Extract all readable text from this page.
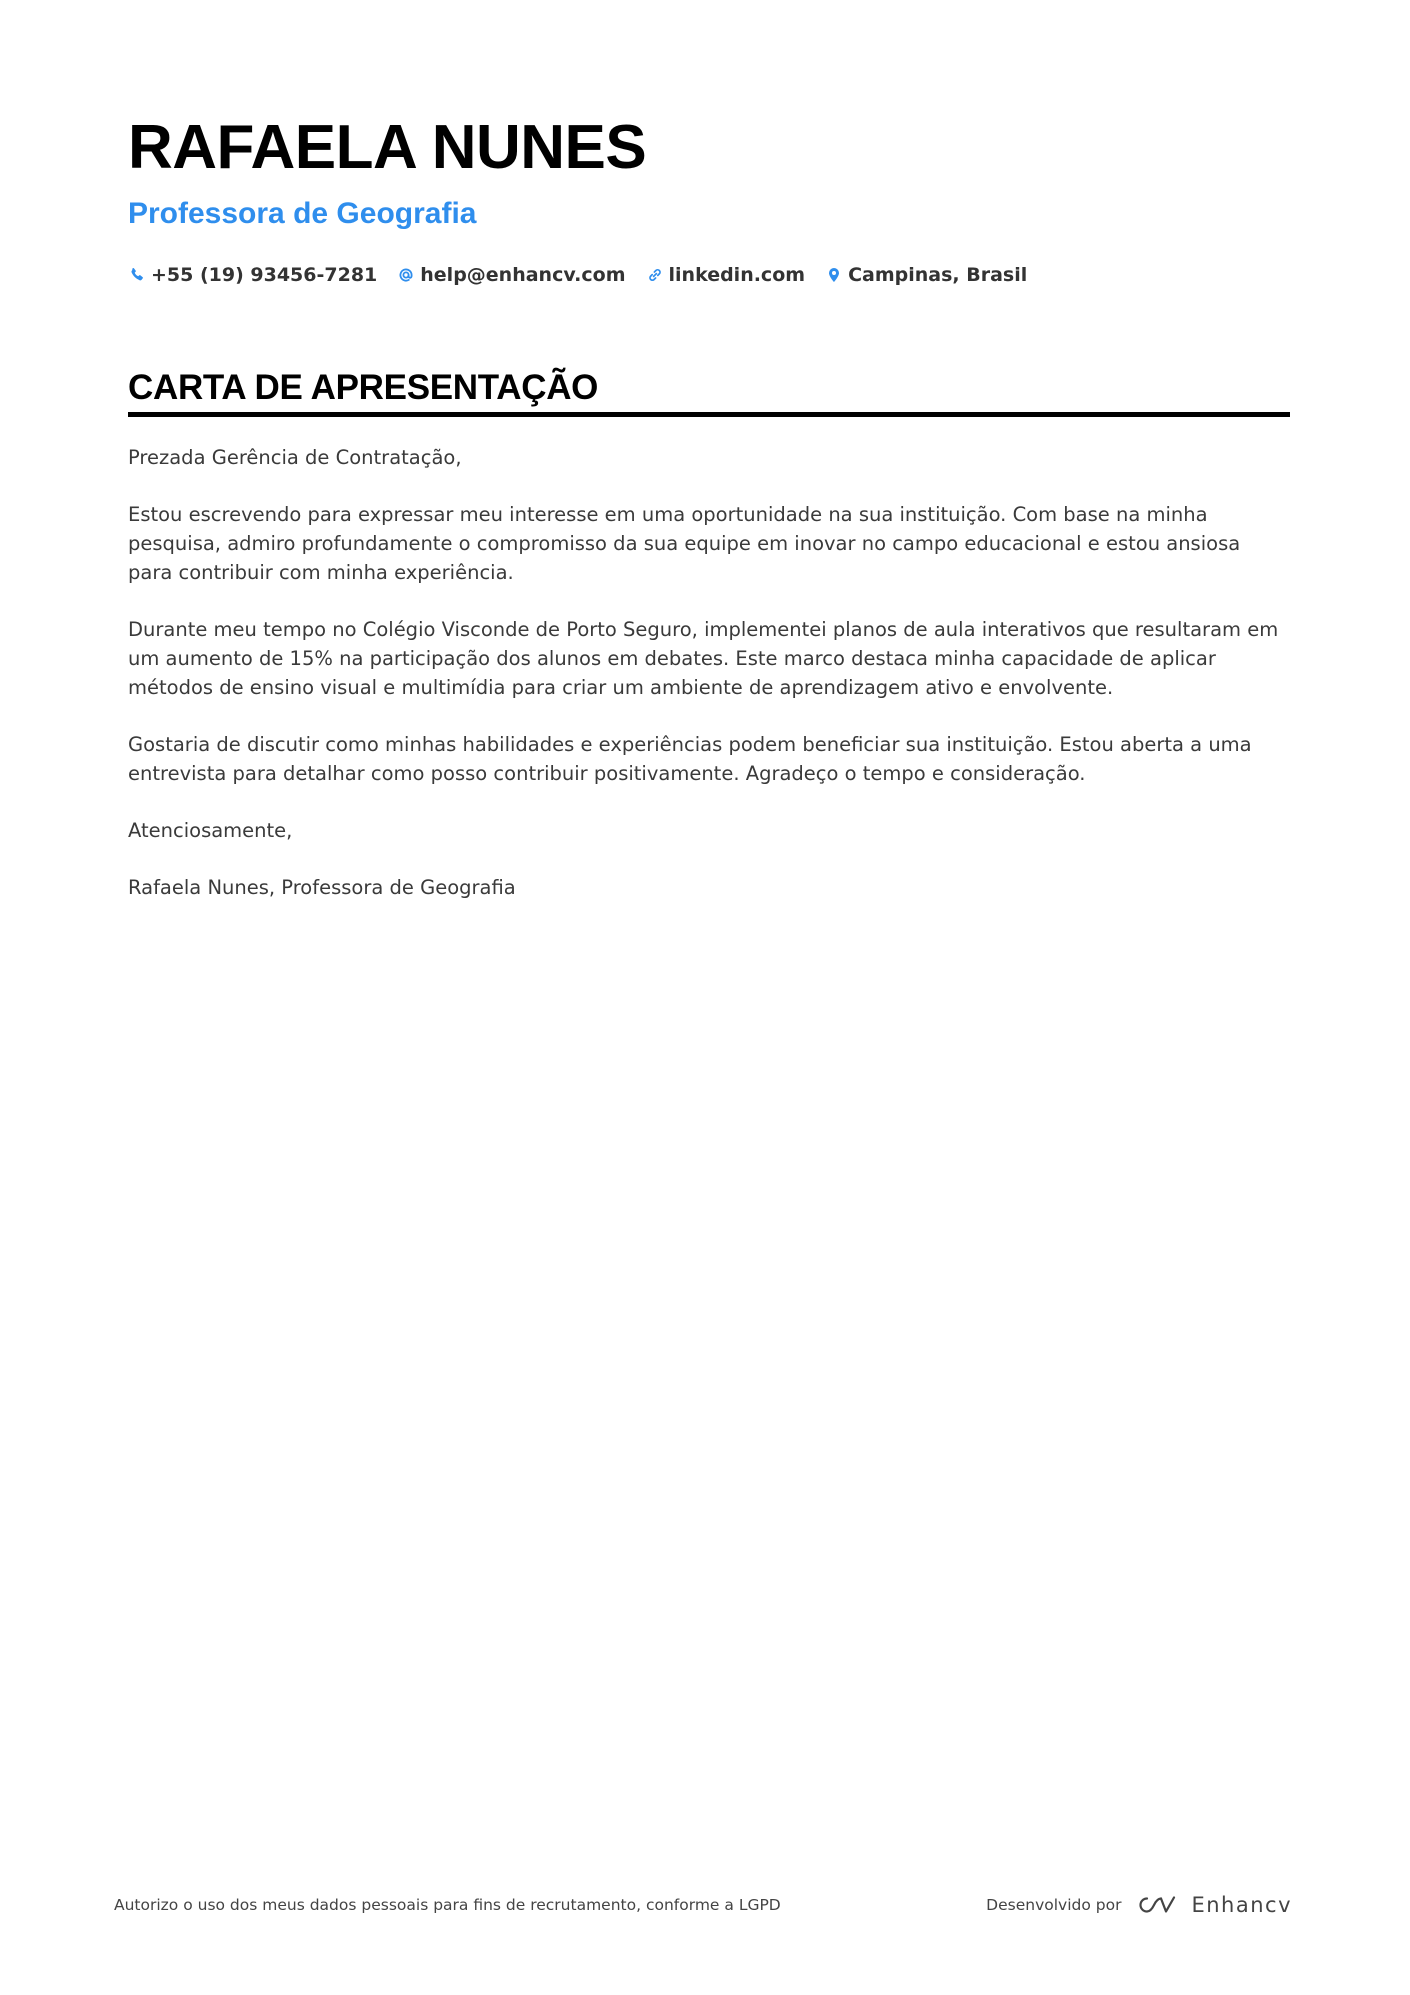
RAFAELA NUNES
Professora de Geografia
+55 (19) 93456-7281 help@enhancv.com linkedin.com Campinas, Brasil
CARTA DE APRESENTAÇÃO

Prezada Gerência de Contratação,

Estou escrevendo para expressar meu interesse em uma oportunidade na sua instituição. Com base na minha pesquisa, admiro profundamente o compromisso da sua equipe em inovar no campo educacional e estou ansiosa para contribuir com minha experiência.

Durante meu tempo no Colégio Visconde de Porto Seguro, implementei planos de aula interativos que resultaram em um aumento de 15% na participação dos alunos em debates. Este marco destaca minha capacidade de aplicar métodos de ensino visual e multimídia para criar um ambiente de aprendizagem ativo e envolvente.

Gostaria de discutir como minhas habilidades e experiências podem beneficiar sua instituição. Estou aberta a uma entrevista para detalhar como posso contribuir positivamente. Agradeço o tempo e consideração.

Atenciosamente,

Rafaela Nunes, Professora de Geografia

Autorizo o uso dos meus dados pessoais para fins de recrutamento, conforme a LGPD	Desenvolvido por	Enhancv
